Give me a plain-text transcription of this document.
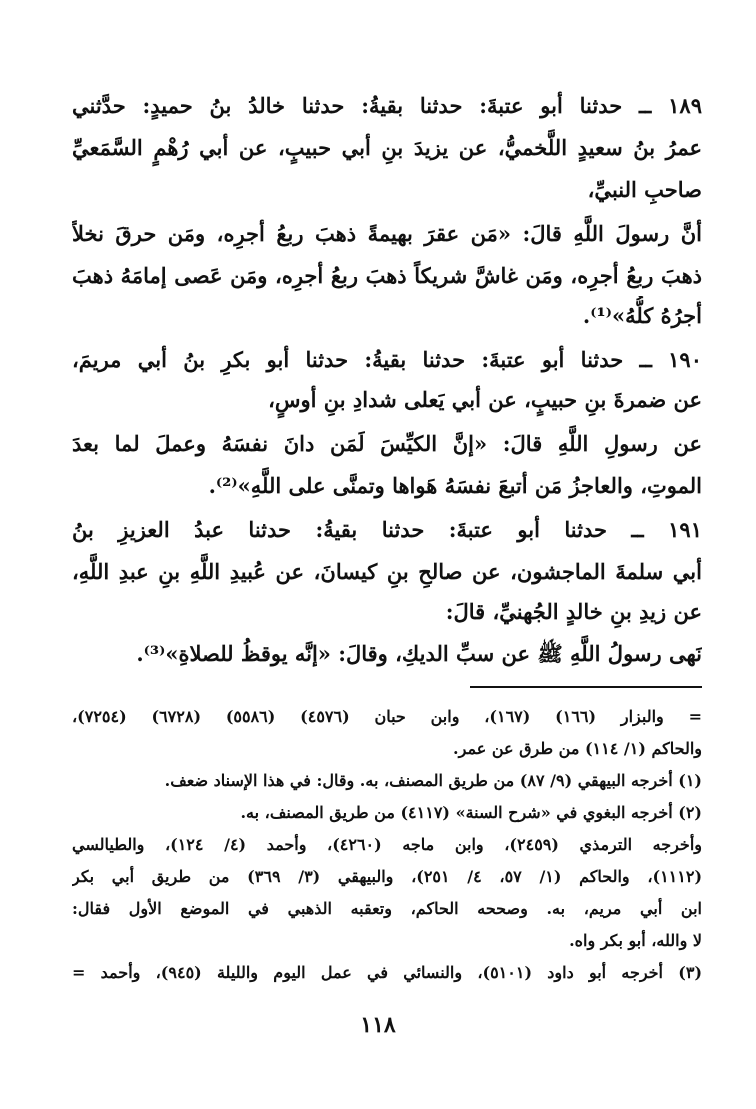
١٨٩ ــ حدثنا أبو عتبةَ: حدثنا بقيةُ: حدثنا خالدُ بنُ حميدٍ: حدَّثني
عمرُ بنُ سعيدٍ اللَّخميُّ، عن يزيدَ بنِ أبي حبيبٍ، عن أبي رُهْمٍ السَّمَعيِّ
صاحبِ النبيِّ،
أنَّ رسولَ اللَّهِ قالَ: «مَن عقرَ بهيمةً ذهبَ ربعُ أجرِه، ومَن حرقَ نخلاً
ذهبَ ربعُ أجرِه، ومَن غاشَّ شريكاً ذهبَ ربعُ أجرِه، ومَن عَصى إمامَهُ ذهبَ
أجرُهُ كلُّهُ»⁽¹⁾.
١٩٠ ــ حدثنا أبو عتبةَ: حدثنا بقيةُ: حدثنا أبو بكرِ بنُ أبي مريمَ،
عن ضمرةَ بنِ حبيبٍ، عن أبي يَعلى شدادِ بنِ أوسٍ،
عن رسولِ اللَّهِ قالَ: «إنَّ الكيِّسَ لَمَن دانَ نفسَهُ وعملَ لما بعدَ
الموتِ، والعاجزُ مَن أتبعَ نفسَهُ هَواها وتمنَّى على اللَّهِ»⁽²⁾.
١٩١ ــ حدثنا أبو عتبةَ: حدثنا بقيةُ: حدثنا عبدُ العزيزِ بنُ
أبي سلمةَ الماجشون، عن صالحِ بنِ كيسانَ، عن عُبيدِ اللَّهِ بنِ عبدِ اللَّهِ،
عن زيدِ بنِ خالدٍ الجُهنيِّ، قالَ:
نَهى رسولُ اللَّهِ ﷺ عن سبِّ الديكِ، وقالَ: «إنَّه يوقظُ للصلاةِ»⁽³⁾.
= والبزار (١٦٦) (١٦٧)، وابن حبان (٤٥٧٦) (٥٥٨٦) (٦٧٢٨) (٧٢٥٤)،
والحاكم (١/ ١١٤) من طرق عن عمر.
(١) أخرجه البيهقي (٩/ ٨٧) من طريق المصنف، به. وقال: في هذا الإسناد ضعف.
(٢) أخرجه البغوي في «شرح السنة» (٤١١٧) من طريق المصنف، به.
وأخرجه الترمذي (٢٤٥٩)، وابن ماجه (٤٢٦٠)، وأحمد (٤/ ١٢٤)، والطيالسي
(١١١٢)، والحاكم (١/ ٥٧، ٤/ ٢٥١)، والبيهقي (٣/ ٣٦٩) من طريق أبي بكر
ابن أبي مريم، به. وصححه الحاكم، وتعقبه الذهبي في الموضع الأول فقال:
لا والله، أبو بكر واه.
(٣) أخرجه أبو داود (٥١٠١)، والنسائي في عمل اليوم والليلة (٩٤٥)، وأحمد =
١١٨
